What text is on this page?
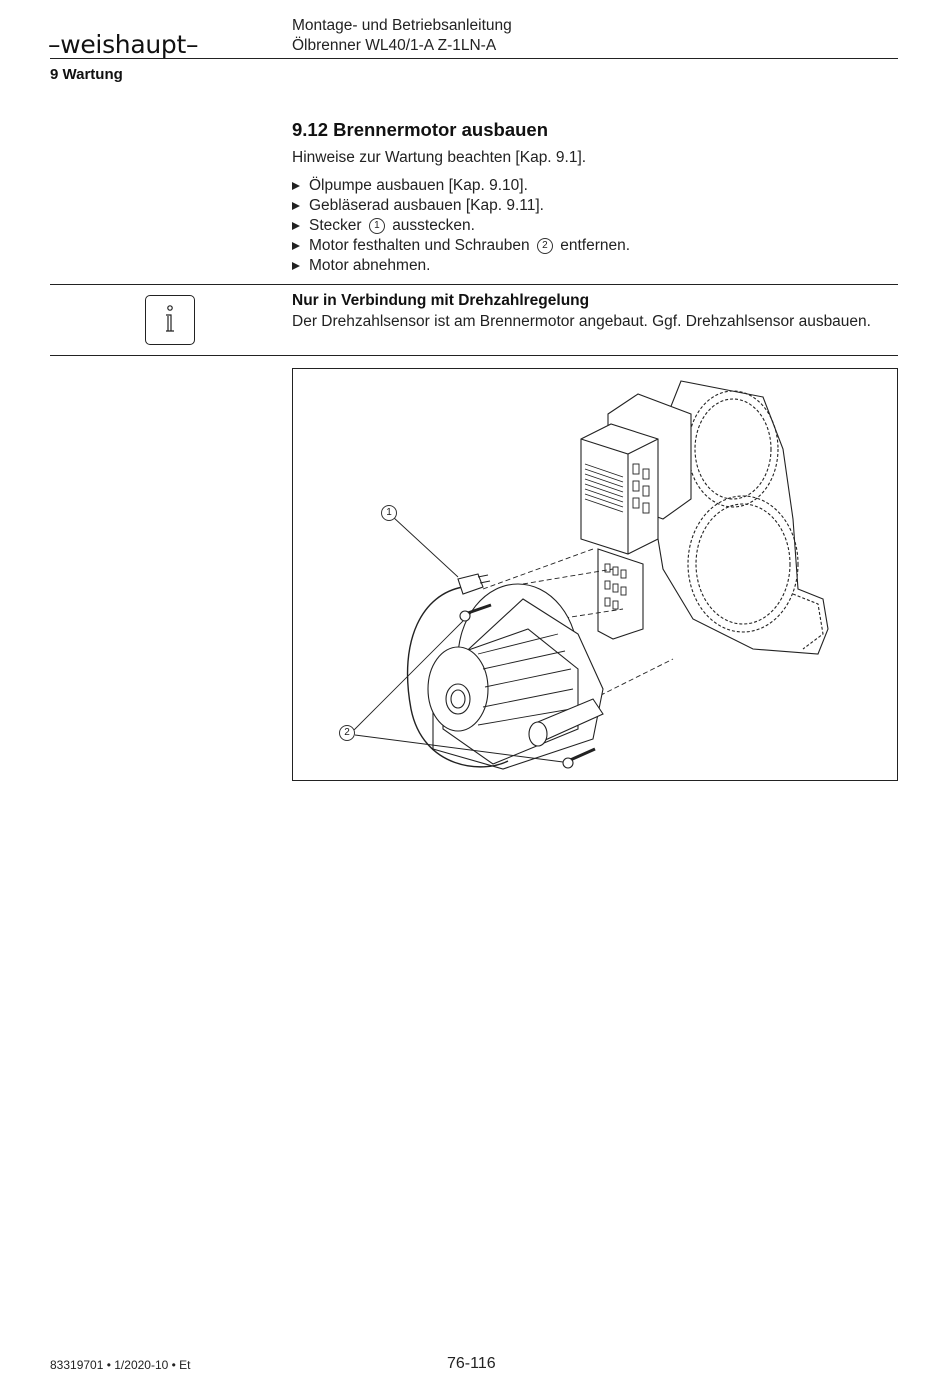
–weishaupt–
Montage- und Betriebsanleitung
Ölbrenner WL40/1-A Z-1LN-A
9 Wartung
9.12 Brennermotor ausbauen
Hinweise zur Wartung beachten [Kap. 9.1].
Ölpumpe ausbauen [Kap. 9.10].
Gebläserad ausbauen [Kap. 9.11].
Stecker
	1
ausstecken.
Motor festhalten und Schrauben
	2
entfernen.
Motor abnehmen.
Nur in Verbindung mit Drehzahlregelung
Der Drehzahlsensor ist am Brennermotor angebaut. Ggf. Drehzahlsensor ausbauen.
1
2
83319701 • 1/2020-10 • Et	76-116
